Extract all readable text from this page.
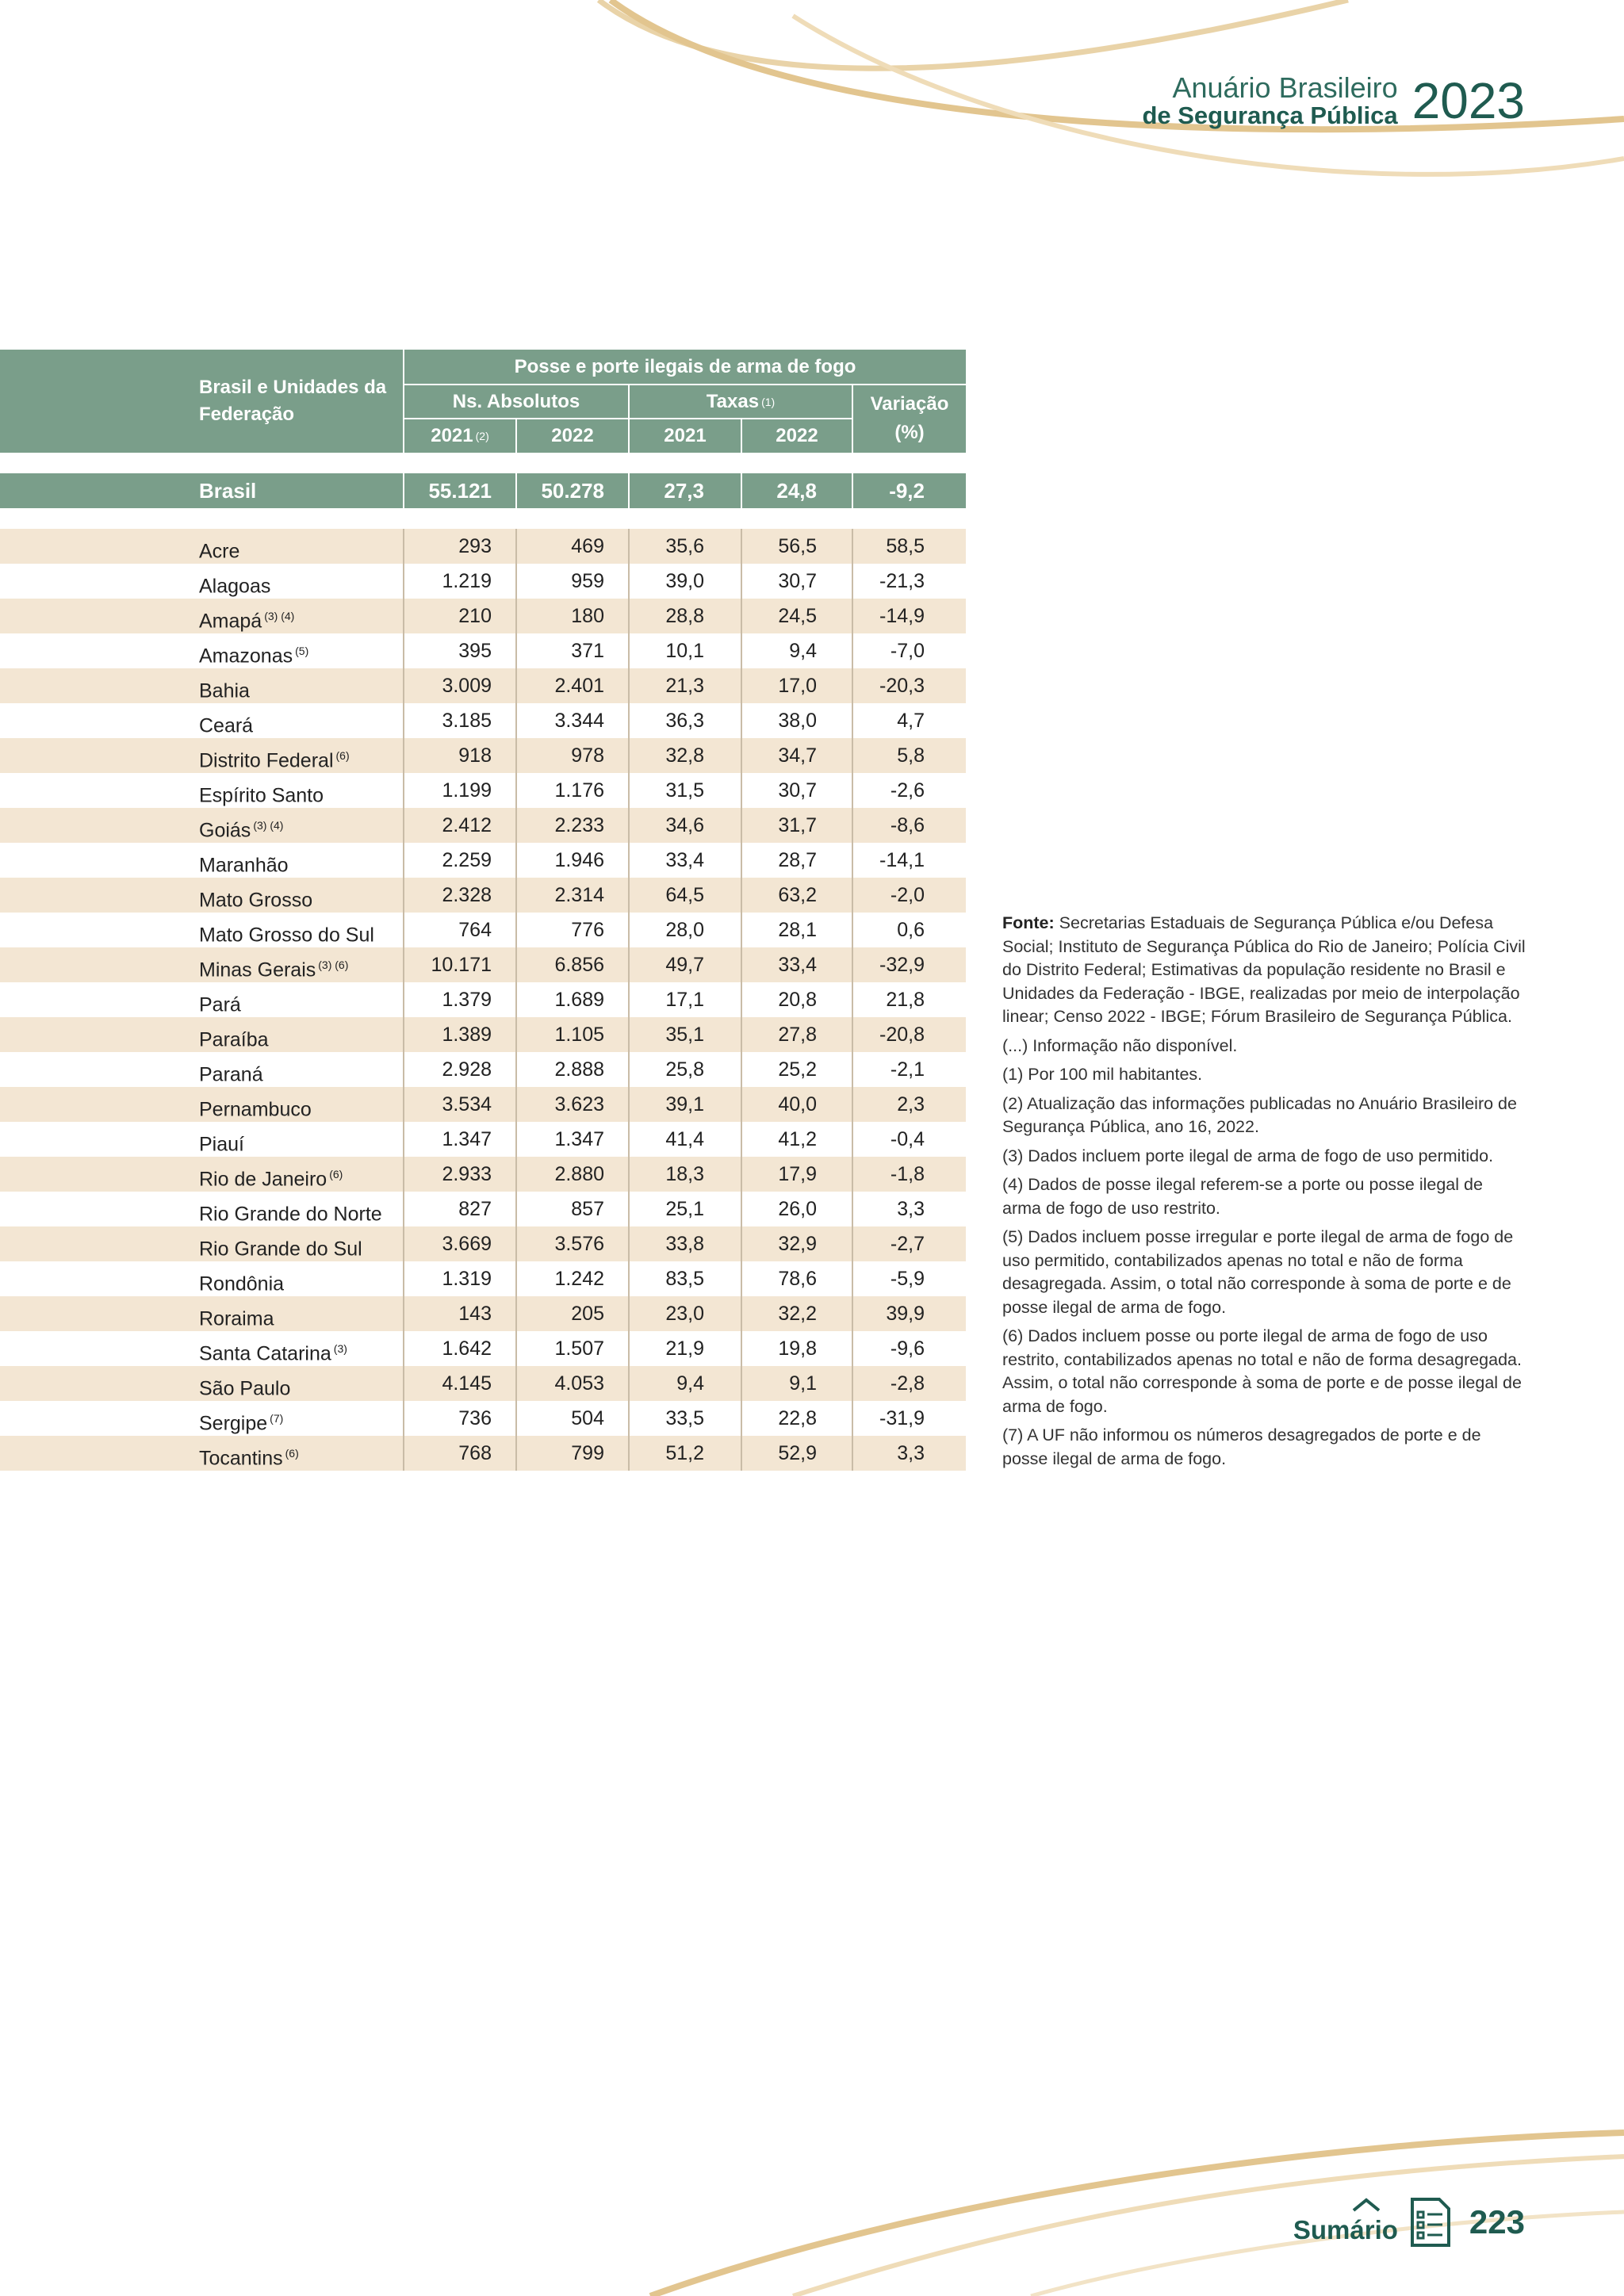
Anuário Brasileiro
de Segurança Pública 2023
Brasil e Unidades da Federação
Posse e porte ilegais de arma de fogo
Ns. Absolutos	Taxas (1)	Variação (%)
2021 (2)	2022	2021	2022
Brasil	55.121	50.278	27,3	24,8	-9,2
Acre	293	469	35,6	56,5	58,5
Alagoas	1.219	959	39,0	30,7	-21,3
Amapá $^{(3) (4)}$	210	180	28,8	24,5	-14,9
Amazonas $^{(5)}$	395	371	10,1	9,4	-7,0
Bahia	3.009	2.401	21,3	17,0	-20,3
Ceará	3.185	3.344	36,3	38,0	4,7
Distrito Federal $^{(6)}$	918	978	32,8	34,7	5,8
Espírito Santo	1.199	1.176	31,5	30,7	-2,6
Goiás $^{(3) (4)}$	2.412	2.233	34,6	31,7	-8,6
Maranhão	2.259	1.946	33,4	28,7	-14,1
Mato Grosso	2.328	2.314	64,5	63,2	-2,0
Mato Grosso do Sul	764	776	28,0	28,1	0,6
Minas Gerais $^{(3) (6)}$	10.171	6.856	49,7	33,4	-32,9
Pará	1.379	1.689	17,1	20,8	21,8
Paraíba	1.389	1.105	35,1	27,8	-20,8
Paraná	2.928	2.888	25,8	25,2	-2,1
Pernambuco	3.534	3.623	39,1	40,0	2,3
Piauí	1.347	1.347	41,4	41,2	-0,4
Rio de Janeiro $^{(6)}$	2.933	2.880	18,3	17,9	-1,8
Rio Grande do Norte	827	857	25,1	26,0	3,3
Rio Grande do Sul	3.669	3.576	33,8	32,9	-2,7
Rondônia	1.319	1.242	83,5	78,6	-5,9
Roraima	143	205	23,0	32,2	39,9
Santa Catarina $^{(3)}$	1.642	1.507	21,9	19,8	-9,6
São Paulo	4.145	4.053	9,4	9,1	-2,8
Sergipe $^{(7)}$	736	504	33,5	22,8	-31,9
Tocantins $^{(6)}$	768	799	51,2	52,9	3,3

Fonte: Secretarias Estaduais de Segurança Pública e/ou Defesa Social; Instituto de Segurança Pública do Rio de Janeiro; Polícia Civil do Distrito Federal; Estimativas da população residente no Brasil e Unidades da Federação - IBGE, realizadas por meio de interpolação linear; Censo 2022 - IBGE; Fórum Brasileiro de Segurança Pública.

(...) Informação não disponível.

(1) Por 100 mil habitantes.

(2) Atualização das informações publicadas no Anuário Brasileiro de Segurança Pública, ano 16, 2022.

(3) Dados incluem porte ilegal de arma de fogo de uso permitido.

(4) Dados de posse ilegal referem-se a porte ou posse ilegal de arma de fogo de uso restrito.

(5) Dados incluem posse irregular e porte ilegal de arma de fogo de uso permitido, contabilizados apenas no total e não de forma desagregada. Assim, o total não corresponde à soma de porte e de posse ilegal de arma de fogo.

(6) Dados incluem posse ou porte ilegal de arma de fogo de uso restrito, contabilizados apenas no total e não de forma desagregada. Assim, o total não corresponde à soma de porte e de posse ilegal de arma de fogo.

(7) A UF não informou os números desagregados de porte e de posse ilegal de arma de fogo.

Sumário 223
